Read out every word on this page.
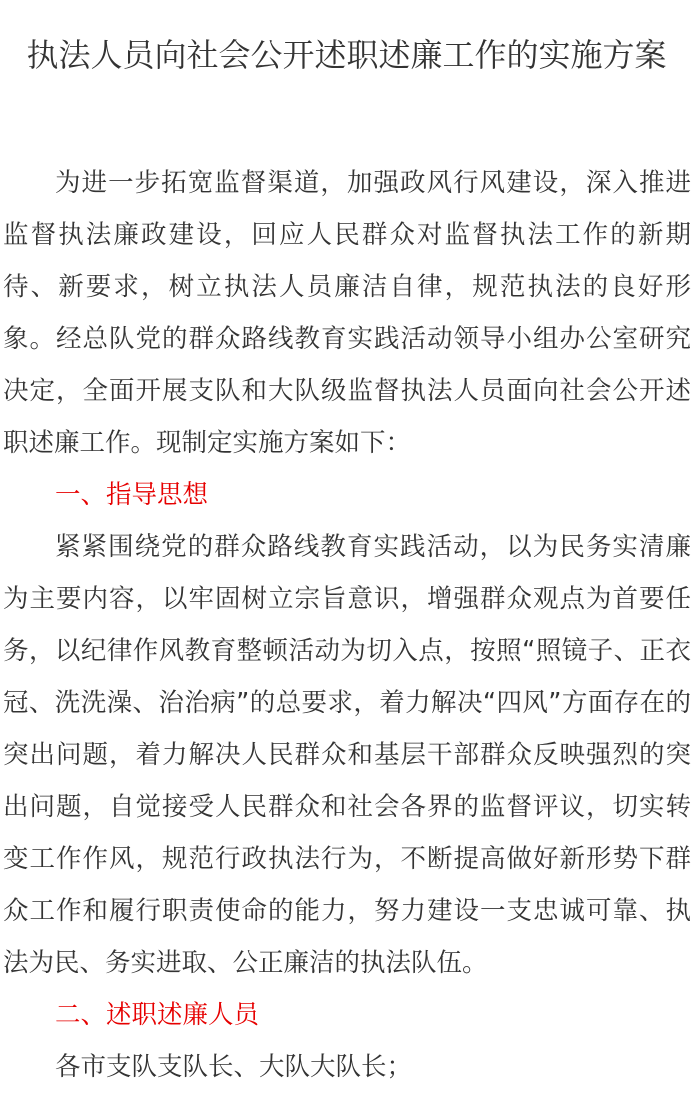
执法人员向社会公开述职述廉工作的实施方案

为进一步拓宽监督渠道，加强政风行风建设，深入推进监督执法廉政建设，回应人民群众对监督执法工作的新期待、新要求，树立执法人员廉洁自律，规范执法的良好形象。经总队党的群众路线教育实践活动领导小组办公室研究决定，全面开展支队和大队级监督执法人员面向社会公开述职述廉工作。现制定实施方案如下：

一、指导思想

紧紧围绕党的群众路线教育实践活动，以为民务实清廉为主要内容，以牢固树立宗旨意识，增强群众观点为首要任务，以纪律作风教育整顿活动为切入点，按照“照镜子、正衣冠、洗洗澡、治治病”的总要求，着力解决“四风”方面存在的突出问题，着力解决人民群众和基层干部群众反映强烈的突出问题，自觉接受人民群众和社会各界的监督评议，切实转变工作作风，规范行政执法行为，不断提高做好新形势下群众工作和履行职责使命的能力，努力建设一支忠诚可靠、执法为民、务实进取、公正廉洁的执法队伍。

二、述职述廉人员

各市支队支队长、大队大队长；
